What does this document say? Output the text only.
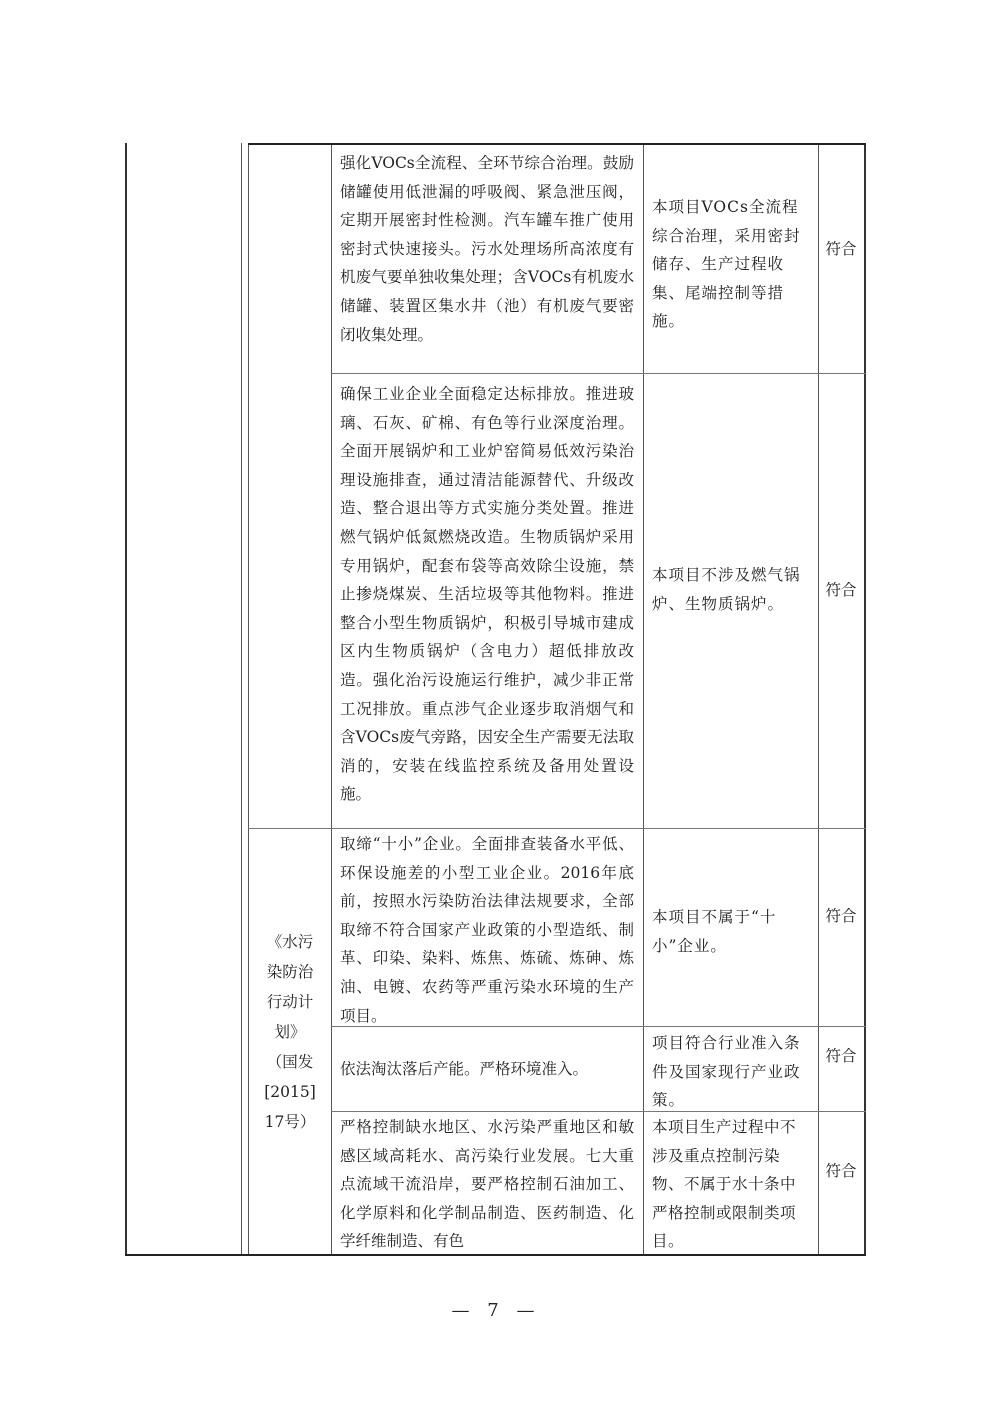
强化VOCs全流程、全环节综合治理。鼓励储罐使用低泄漏的呼吸阀、紧急泄压阀，定期开展密封性检测。汽车罐车推广使用密封式快速接头。污水处理场所高浓度有机废气要单独收集处理；含VOCs有机废水储罐、装置区集水井（池）有机废气要密闭收集处理。
本项目VOCs全流程综合治理，采用密封储存、生产过程收集、尾端控制等措施。
符合
确保工业企业全面稳定达标排放。推进玻璃、石灰、矿棉、有色等行业深度治理。全面开展锅炉和工业炉窑简易低效污染治理设施排查，通过清洁能源替代、升级改造、整合退出等方式实施分类处置。推进燃气锅炉低氮燃烧改造。生物质锅炉采用专用锅炉，配套布袋等高效除尘设施，禁止掺烧煤炭、生活垃圾等其他物料。推进整合小型生物质锅炉，积极引导城市建成区内生物质锅炉（含电力）超低排放改造。强化治污设施运行维护，减少非正常工况排放。重点涉气企业逐步取消烟气和含VOCs废气旁路，因安全生产需要无法取消的，安装在线监控系统及备用处置设施。
本项目不涉及燃气锅炉、生物质锅炉。
符合
《水污
染防治
行动计
划》
（国发
[2015]
17号）
取缔“十小”企业。全面排查装备水平低、环保设施差的小型工业企业。2016年底前，按照水污染防治法律法规要求，全部取缔不符合国家产业政策的小型造纸、制革、印染、染料、炼焦、炼硫、炼砷、炼油、电镀、农药等严重污染水环境的生产项目。
本项目不属于“十小”企业。
符合
依法淘汰落后产能。严格环境准入。
项目符合行业准入条件及国家现行产业政策。
符合
严格控制缺水地区、水污染严重地区和敏感区域高耗水、高污染行业发展。七大重点流域干流沿岸，要严格控制石油加工、化学原料和化学制品制造、医药制造、化学纤维制造、有色
本项目生产过程中不涉及重点控制污染物、不属于水十条中严格控制或限制类项目。
符合
— 7 —
